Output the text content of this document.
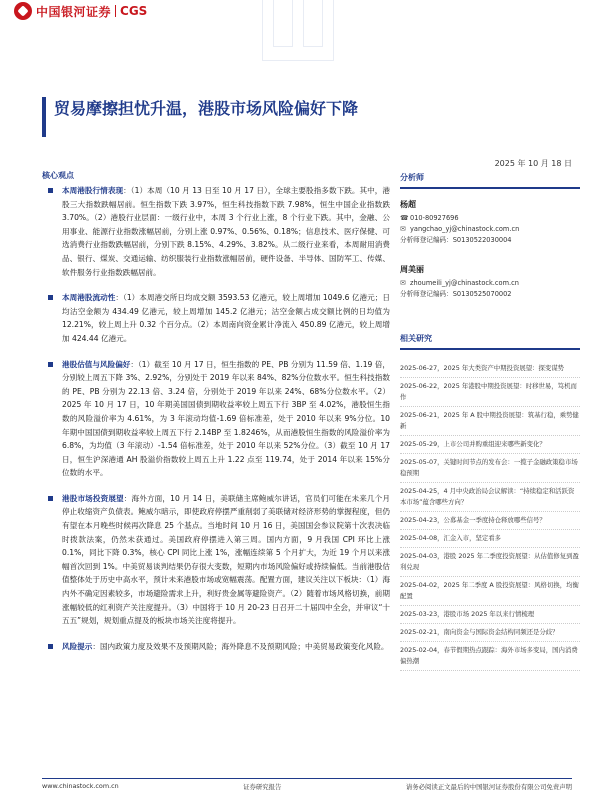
中国银河证券 CGS
贸易摩擦担忧升温，港股市场风险偏好下降
2025 年 10 月 18 日
核心观点
本周港股行情表现：（1）本周（10 月 13 日至 10 月 17 日），全球主要股指多数下跌。其中，港股三大指数跌幅居前。恒生指数下跌 3.97%，恒生科技指数下跌 7.98%，恒生中国企业指数跌 3.70%。（2）港股行业层面：一级行业中，本周 3 个行业上涨，8 个行业下跌。其中，金融、公用事业、能源行业指数涨幅居前，分别上涨 0.97%、0.56%、0.18%；信息技术、医疗保健、可选消费行业指数跌幅居前，分别下跌 8.15%、4.29%、3.82%。从二级行业来看，本周耐用消费品、银行、煤炭、交通运输、纺织服装行业指数涨幅居前，硬件设备、半导体、国防军工、传媒、软件服务行业指数跌幅居前。
本周港股流动性：（1）本周港交所日均成交额 3593.53 亿港元，较上周增加 1049.6 亿港元；日均沽空金额为 434.49 亿港元，较上周增加 145.2 亿港元；沽空金额占成交额比例的日均值为 12.21%，较上周上升 0.32 个百分点。（2）本周南向资金累计净流入 450.89 亿港元，较上周增加 424.44 亿港元。
港股估值与风险偏好：（1）截至 10 月 17 日，恒生指数的 PE、PB 分别为 11.59 倍、1.19 倍，分别较上周五下降 3%、2.92%，分别处于 2019 年以来 84%、82%分位数水平。恒生科技指数的 PE、PB 分别为 22.13 倍、3.24 倍，分别处于 2019 年以来 24%、68%分位数水平。（2）2025 年 10 月 17 日，10 年期美国国债到期收益率较上周五下行 3BP 至 4.02%，港股恒生指数的风险溢价率为 4.61%，为 3 年滚动均值-1.69 倍标准差，处于 2010 年以来 9%分位。10 年期中国国债到期收益率较上周五下行 2.14BP 至 1.8246%，从而港股恒生指数的风险溢价率为 6.8%，为均值（3 年滚动）-1.54 倍标准差，处于 2010 年以来 52%分位。（3）截至 10 月 17 日，恒生沪深港通 AH 股溢价指数较上周五上升 1.22 点至 119.74，处于 2014 年以来 15%分位数的水平。
港股市场投资展望：海外方面，10 月 14 日，美联储主席鲍威尔讲话，官员们可能在未来几个月停止收缩资产负债表。鲍威尔暗示，即使政府停摆严重削弱了美联储对经济形势的掌握程度，但仍有望在本月晚些时候再次降息 25 个基点。当地时间 10 月 16 日，美国国会参议院第十次表决临时拨款法案，仍然未获通过。美国政府停摆进入第三周。国内方面，9 月我国 CPI 环比上涨 0.1%，同比下降 0.3%，核心 CPI 同比上涨 1%，涨幅连续第 5 个月扩大，为近 19 个月以来涨幅首次回到 1%。中美贸易谈判结果仍存很大变数，短期内市场风险偏好或持续偏低。当前港股估值整体处于历史中高水平，预计未来港股市场或宽幅震荡。配置方面，建议关注以下板块：（1）海内外不确定因素较多，市场避险需求上升，利好贵金属等避险资产。（2）随着市场风格切换，前期涨幅较低的红利资产关注度提升。（3）中国将于 10 月 20-23 日召开二十届四中全会，并审议“十五五”规划，规划重点提及的板块市场关注度将提升。
风险提示：国内政策力度及效果不及预期风险；海外降息不及预期风险；中美贸易政策变化风险。
分析师
杨超
☎ 010-80927696
✉ yangchao_yj@chinastock.com.cn
分析师登记编码：S0130522030004
周美丽
✉ zhoumeili_yj@chinastock.com.cn
分析师登记编码：S0130525070002
相关研究
2025-06-27，2025 年大类资产中期投资展望：探变谋势
2025-06-22，2025 年港股中期投资展望：时移世易，笃机而作
2025-06-21，2025 年 A 股中期投资展望：筑基行稳，乘势健新
2025-05-29，上市公司并购重组迎来哪些新变化？
2025-05-07，关键时间节点的发布会：一揽子金融政策稳市场稳预期
2025-04-25，4 月中央政治局会议解读：“持续稳定和活跃资本市场”蕴含哪些方向？
2025-04-23，公募基金一季度持仓释放哪些信号？
2025-04-08，汇金入市，坚定看多
2025-04-03，港股 2025 年二季度投资展望：从估值修复到盈利兑现
2025-04-02，2025 年二季度 A 股投资展望：风格切换，均衡配置
2025-03-23，港股市场 2025 年以来行情梳理
2025-02-21，南向资金与国际资金结构同频还是分歧？
2025-02-04，春节假期热点跟踪：海外市场多变局，国内消费偏热潮
www.chinastock.com.cn	证券研究报告	请务必阅读正文最后的中国银河证券股份有限公司免责声明
